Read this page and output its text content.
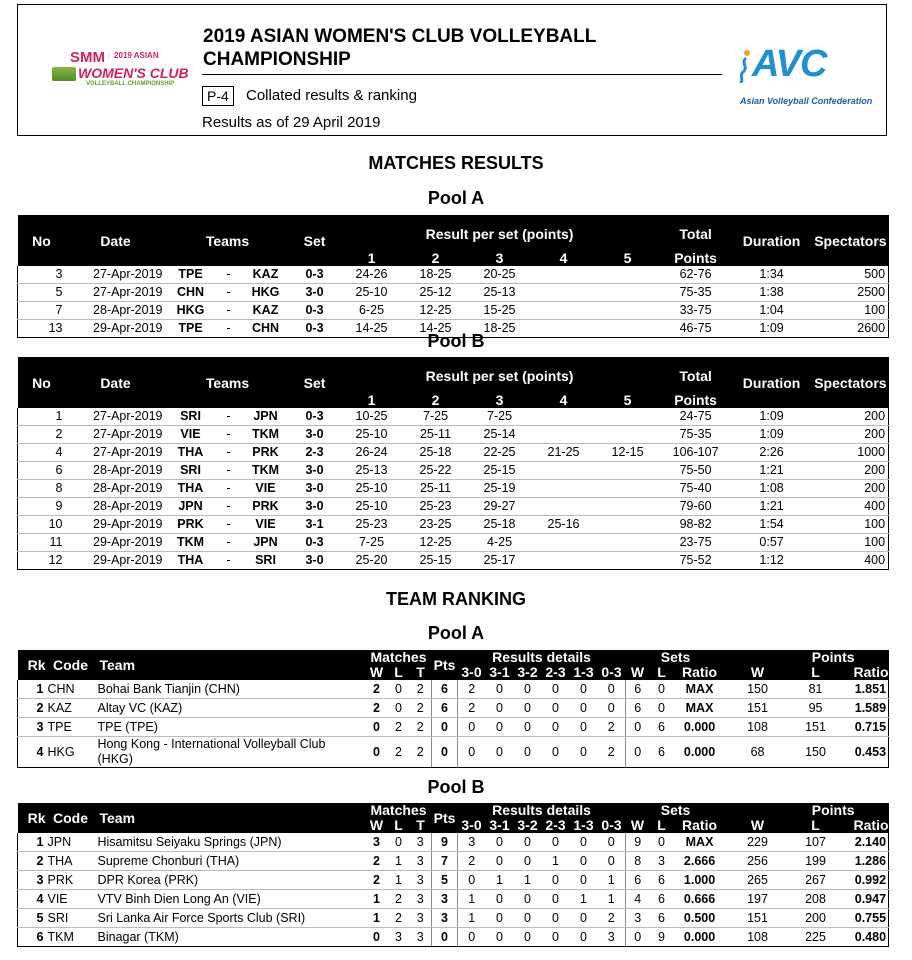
SMM 2019 ASIAN
WOMEN'S CLUB
VOLLEYBALL CHAMPIONSHIP
2019 ASIAN WOMEN'S CLUB VOLLEYBALL CHAMPIONSHIP
P-4	Collated results & ranking
Results as of 29 April 2019
AVC
Asian Volleyball Confederation
MATCHES RESULTS
Pool A
No	Date	Teams			Set	Result per set (points)					Total	Duration	Spectators
						1	2	3	4	5	Points		
3	27-Apr-2019	TPE	-	KAZ	0-3	24-26	18-25	20-25			62-76	1:34	500
5	27-Apr-2019	CHN	-	HKG	3-0	25-10	25-12	25-13			75-35	1:38	2500
7	28-Apr-2019	HKG	-	KAZ	0-3	6-25	12-25	15-25			33-75	1:04	100
13	29-Apr-2019	TPE	-	CHN	0-3	14-25	14-25	18-25			46-75	1:09	2600
Pool B
No	Date	Teams			Set	Result per set (points)					Total	Duration	Spectators
						1	2	3	4	5	Points		
1	27-Apr-2019	SRI	-	JPN	0-3	10-25	7-25	7-25			24-75	1:09	200
2	27-Apr-2019	VIE	-	TKM	3-0	25-10	25-11	25-14			75-35	1:09	200
4	27-Apr-2019	THA	-	PRK	2-3	26-24	25-18	22-25	21-25	12-15	106-107	2:26	1000
6	28-Apr-2019	SRI	-	TKM	3-0	25-13	25-22	25-15			75-50	1:21	200
8	28-Apr-2019	THA	-	VIE	3-0	25-10	25-11	25-19			75-40	1:08	200
9	28-Apr-2019	JPN	-	PRK	3-0	25-10	25-23	29-27			79-60	1:21	400
10	29-Apr-2019	PRK	-	VIE	3-1	25-23	23-25	25-18	25-16		98-82	1:54	100
11	29-Apr-2019	TKM	-	JPN	0-3	7-25	12-25	4-25			23-75	0:57	100
12	29-Apr-2019	THA	-	SRI	3-0	25-20	25-15	25-17			75-52	1:12	400
TEAM RANKING
Pool A
Rk	Code	Team	Matches			Pts	Results details						Sets			Points		
			W	L	T		3-0	3-1	3-2	2-3	1-3	0-3	W	L	Ratio	W	L	Ratio
1	CHN	Bohai Bank Tianjin (CHN)	2	0	2	6	2	0	0	0	0	0	6	0	MAX	150	81	1.851
2	KAZ	Altay VC (KAZ)	2	0	2	6	2	0	0	0	0	0	6	0	MAX	151	95	1.589
3	TPE	TPE (TPE)	0	2	2	0	0	0	0	0	0	2	0	6	0.000	108	151	0.715
4	HKG	Hong Kong - International Volleyball Club (HKG)	0	2	2	0	0	0	0	0	0	2	0	6	0.000	68	150	0.453
Pool B
Rk	Code	Team	Matches			Pts	Results details						Sets			Points		
			W	L	T		3-0	3-1	3-2	2-3	1-3	0-3	W	L	Ratio	W	L	Ratio
1	JPN	Hisamitsu Seiyaku Springs (JPN)	3	0	3	9	3	0	0	0	0	0	9	0	MAX	229	107	2.140
2	THA	Supreme Chonburi (THA)	2	1	3	7	2	0	0	1	0	0	8	3	2.666	256	199	1.286
3	PRK	DPR Korea (PRK)	2	1	3	5	0	1	1	0	0	1	6	6	1.000	265	267	0.992
4	VIE	VTV Binh Dien Long An (VIE)	1	2	3	3	1	0	0	0	1	1	4	6	0.666	197	208	0.947
5	SRI	Sri Lanka Air Force Sports Club (SRI)	1	2	3	3	1	0	0	0	0	2	3	6	0.500	151	200	0.755
6	TKM	Binagar (TKM)	0	3	3	0	0	0	0	0	0	3	0	9	0.000	108	225	0.480
